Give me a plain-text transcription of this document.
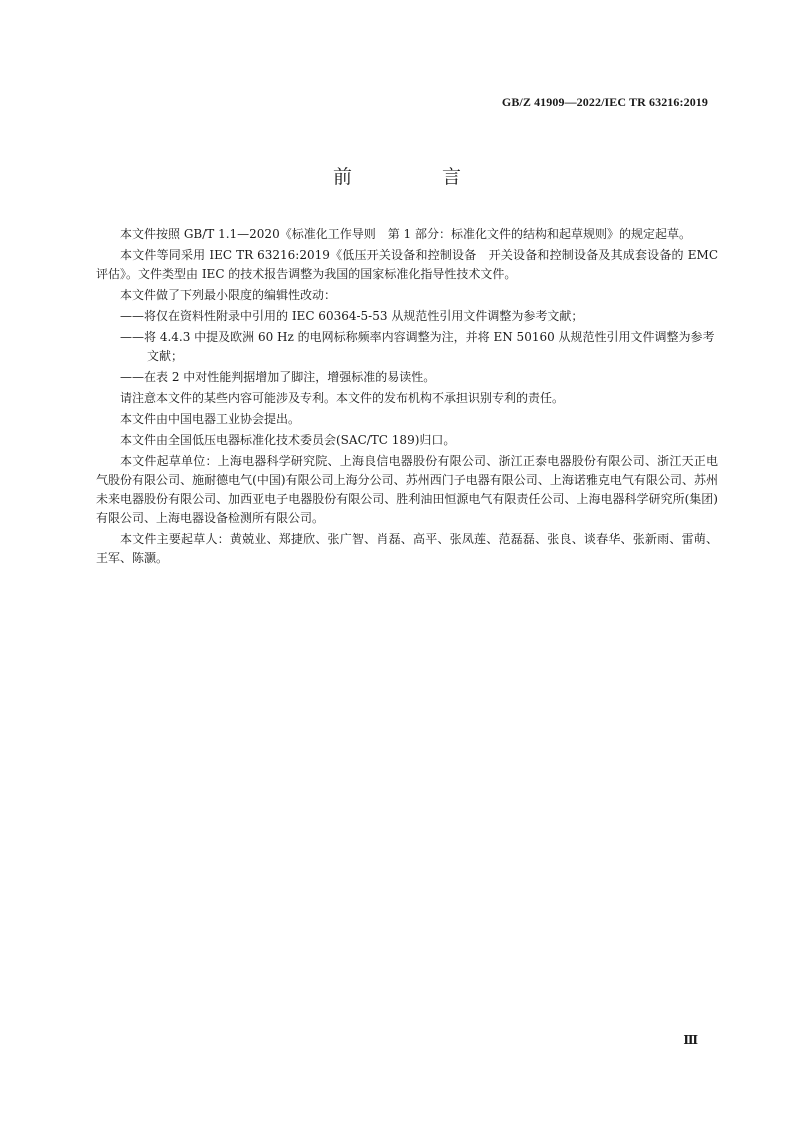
GB/Z 41909—2022/IEC TR 63216:2019
前 言

本文件按照 GB/T 1.1—2020《标准化工作导则　第 1 部分：标准化文件的结构和起草规则》的规定起草。

本文件等同采用 IEC TR 63216:2019《低压开关设备和控制设备　开关设备和控制设备及其成套设备的 EMC 评估》。文件类型由 IEC 的技术报告调整为我国的国家标准化指导性技术文件。

本文件做了下列最小限度的编辑性改动：

——将仅在资料性附录中引用的 IEC 60364-5-53 从规范性引用文件调整为参考文献；

——将 4.4.3 中提及欧洲 60 Hz 的电网标称频率内容调整为注，并将 EN 50160 从规范性引用文件调整为参考文献；

——在表 2 中对性能判据增加了脚注，增强标准的易读性。

请注意本文件的某些内容可能涉及专利。本文件的发布机构不承担识别专利的责任。

本文件由中国电器工业协会提出。

本文件由全国低压电器标准化技术委员会(SAC/TC 189)归口。

本文件起草单位：上海电器科学研究院、上海良信电器股份有限公司、浙江正泰电器股份有限公司、浙江天正电气股份有限公司、施耐德电气(中国)有限公司上海分公司、苏州西门子电器有限公司、上海诺雅克电气有限公司、苏州未来电器股份有限公司、加西亚电子电器股份有限公司、胜利油田恒源电气有限责任公司、上海电器科学研究所(集团)有限公司、上海电器设备检测所有限公司。

本文件主要起草人：黄兢业、郑捷欣、张广智、肖磊、高平、张凤莲、范磊磊、张良、谈春华、张新雨、雷萌、王军、陈灏。

Ⅲ
